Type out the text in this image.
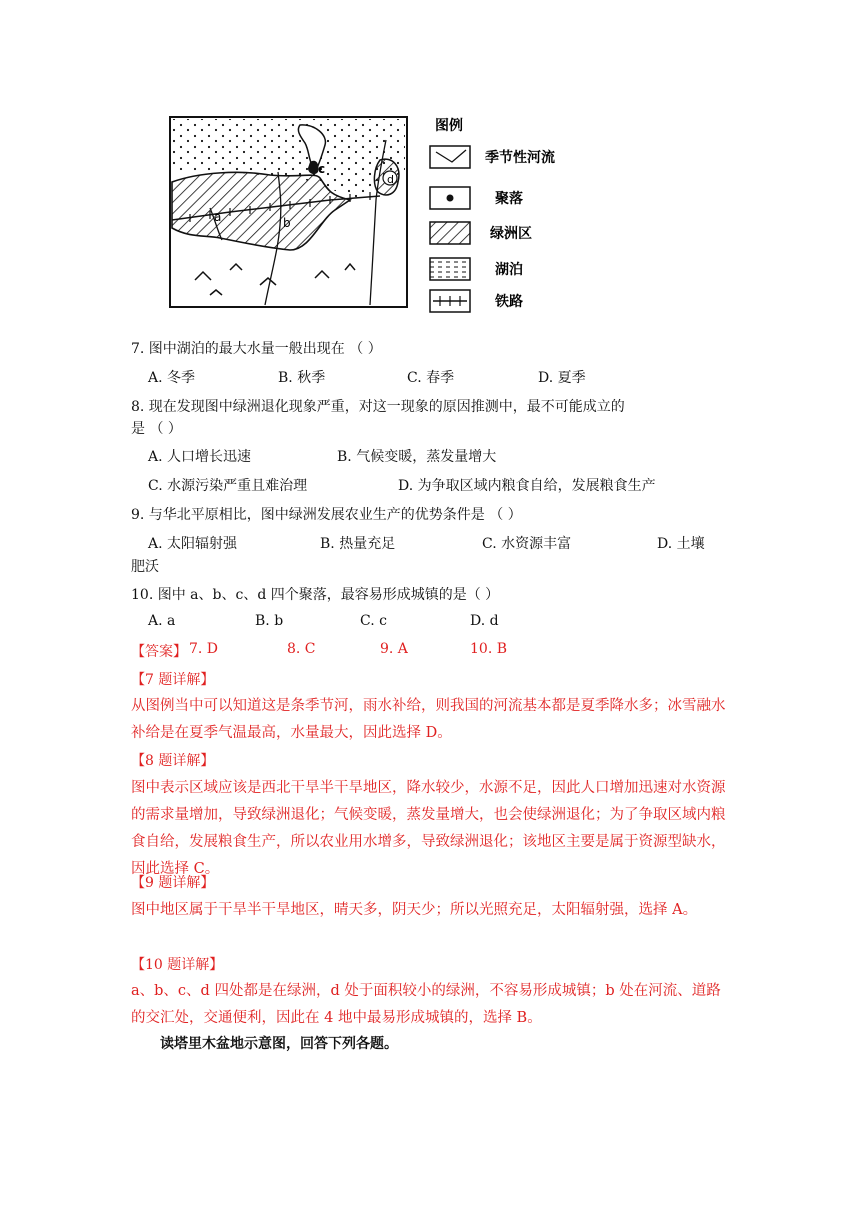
a	b
c
d
图例
季节性河流
聚落
绿洲区
湖泊
铁路
7. 图中湖泊的最大水量一般出现在 （ ）
A. 冬季	B. 秋季	C. 春季	D. 夏季
8. 现在发现图中绿洲退化现象严重，对这一现象的原因推测中，最不可能成立的
是 （ ）
A. 人口增长迅速	B. 气候变暖，蒸发量增大
C. 水源污染严重且难治理	D. 为争取区域内粮食自给，发展粮食生产
9. 与华北平原相比，图中绿洲发展农业生产的优势条件是 （ ）
A. 太阳辐射强	B. 热量充足	C. 水资源丰富	D. 土壤
肥沃
10. 图中 a、b、c、d 四个聚落，最容易形成城镇的是（ ）
A. a	B. b	C. c	D. d
【答案】 7. D	8. C	9. A	10. B
【7 题详解】
从图例当中可以知道这是条季节河，雨水补给，则我国的河流基本都是夏季降水多；冰雪融水补给是在夏季气温最高，水量最大，因此选择 D。
【8 题详解】
图中表示区域应该是西北干旱半干旱地区，降水较少，水源不足，因此人口增加迅速对水资源的需求量增加，导致绿洲退化；气候变暖，蒸发量增大，也会使绿洲退化；为了争取区域内粮食自给，发展粮食生产，所以农业用水增多，导致绿洲退化；该地区主要是属于资源型缺水，因此选择 C。
【9 题详解】
图中地区属于干旱半干旱地区，晴天多，阴天少；所以光照充足，太阳辐射强，选择 A。
【10 题详解】
a、b、c、d 四处都是在绿洲，d 处于面积较小的绿洲，不容易形成城镇；b 处在河流、道路的交汇处，交通便利，因此在 4 地中最易形成城镇的，选择 B。
读塔里木盆地示意图，回答下列各题。
